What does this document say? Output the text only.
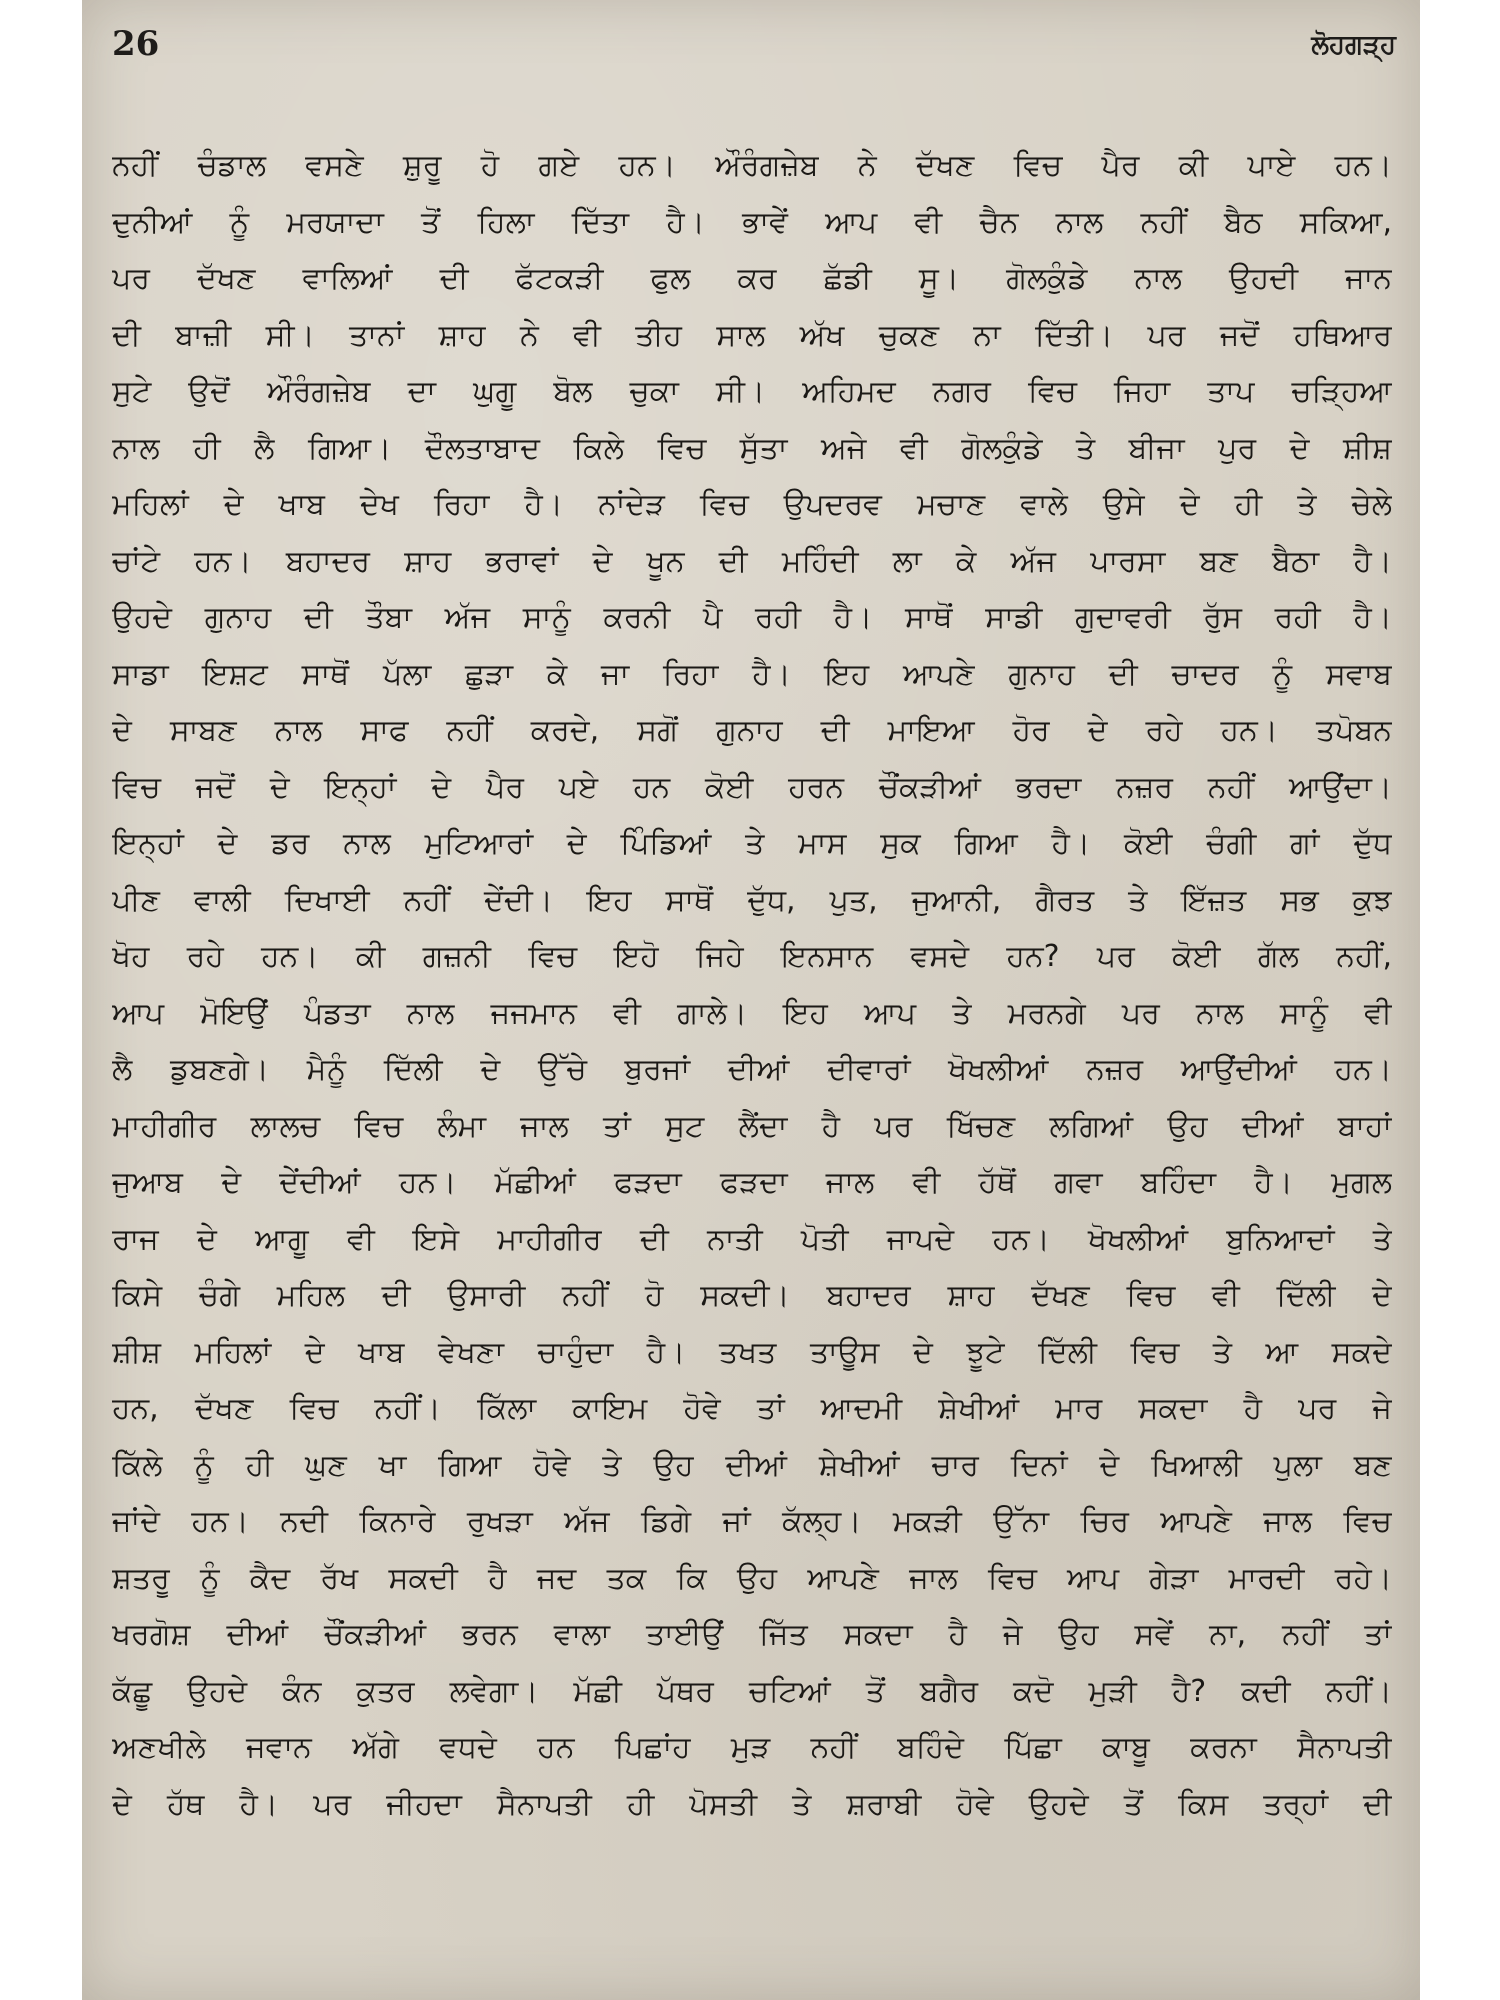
26	ਲੋਹਗੜ੍ਹ
ਨਹੀਂ ਚੰਡਾਲ ਵਸਣੇ ਸ਼ੁਰੂ ਹੋ ਗਏ ਹਨ। ਔਰੰਗਜ਼ੇਬ ਨੇ ਦੱਖਣ ਵਿਚ ਪੈਰ ਕੀ ਪਾਏ ਹਨ।
ਦੁਨੀਆਂ ਨੂੰ ਮਰਯਾਦਾ ਤੋਂ ਹਿਲਾ ਦਿੱਤਾ ਹੈ। ਭਾਵੇਂ ਆਪ ਵੀ ਚੈਨ ਨਾਲ ਨਹੀਂ ਬੈਠ ਸਕਿਆ,
ਪਰ ਦੱਖਣ ਵਾਲਿਆਂ ਦੀ ਫੱਟਕੜੀ ਫੁਲ ਕਰ ਛੱਡੀ ਸੂ। ਗੋਲਕੁੰਡੇ ਨਾਲ ਉਹਦੀ ਜਾਨ
ਦੀ ਬਾਜ਼ੀ ਸੀ। ਤਾਨਾਂ ਸ਼ਾਹ ਨੇ ਵੀ ਤੀਹ ਸਾਲ ਅੱਖ ਚੁਕਣ ਨਾ ਦਿੱਤੀ। ਪਰ ਜਦੋਂ ਹਥਿਆਰ
ਸੁਟੇ ਉਦੋਂ ਔਰੰਗਜ਼ੇਬ ਦਾ ਘੁਗੂ ਬੋਲ ਚੁਕਾ ਸੀ। ਅਹਿਮਦ ਨਗਰ ਵਿਚ ਜਿਹਾ ਤਾਪ ਚੜ੍ਹਿਆ
ਨਾਲ ਹੀ ਲੈ ਗਿਆ। ਦੌਲਤਾਬਾਦ ਕਿਲੇ ਵਿਚ ਸੁੱਤਾ ਅਜੇ ਵੀ ਗੋਲਕੁੰਡੇ ਤੇ ਬੀਜਾ ਪੁਰ ਦੇ ਸ਼ੀਸ਼
ਮਹਿਲਾਂ ਦੇ ਖਾਬ ਦੇਖ ਰਿਹਾ ਹੈ। ਨਾਂਦੇੜ ਵਿਚ ਉਪਦਰਵ ਮਚਾਣ ਵਾਲੇ ਉਸੇ ਦੇ ਹੀ ਤੇ ਚੇਲੇ
ਚਾਂਟੇ ਹਨ। ਬਹਾਦਰ ਸ਼ਾਹ ਭਰਾਵਾਂ ਦੇ ਖੂਨ ਦੀ ਮਹਿੰਦੀ ਲਾ ਕੇ ਅੱਜ ਪਾਰਸਾ ਬਣ ਬੈਠਾ ਹੈ।
ਉਹਦੇ ਗੁਨਾਹ ਦੀ ਤੌਬਾ ਅੱਜ ਸਾਨੂੰ ਕਰਨੀ ਪੈ ਰਹੀ ਹੈ। ਸਾਥੋਂ ਸਾਡੀ ਗੁਦਾਵਰੀ ਰੁੱਸ ਰਹੀ ਹੈ।
ਸਾਡਾ ਇਸ਼ਟ ਸਾਥੋਂ ਪੱਲਾ ਛੁੜਾ ਕੇ ਜਾ ਰਿਹਾ ਹੈ। ਇਹ ਆਪਣੇ ਗੁਨਾਹ ਦੀ ਚਾਦਰ ਨੂੰ ਸਵਾਬ
ਦੇ ਸਾਬਣ ਨਾਲ ਸਾਫ ਨਹੀਂ ਕਰਦੇ, ਸਗੋਂ ਗੁਨਾਹ ਦੀ ਮਾਇਆ ਹੋਰ ਦੇ ਰਹੇ ਹਨ। ਤਪੋਬਨ
ਵਿਚ ਜਦੋਂ ਦੇ ਇਨ੍ਹਾਂ ਦੇ ਪੈਰ ਪਏ ਹਨ ਕੋਈ ਹਰਨ ਚੌਂਕੜੀਆਂ ਭਰਦਾ ਨਜ਼ਰ ਨਹੀਂ ਆਉਂਦਾ।
ਇਨ੍ਹਾਂ ਦੇ ਡਰ ਨਾਲ ਮੁਟਿਆਰਾਂ ਦੇ ਪਿੰਡਿਆਂ ਤੇ ਮਾਸ ਸੁਕ ਗਿਆ ਹੈ। ਕੋਈ ਚੰਗੀ ਗਾਂ ਦੁੱਧ
ਪੀਣ ਵਾਲੀ ਦਿਖਾਈ ਨਹੀਂ ਦੇਂਦੀ। ਇਹ ਸਾਥੋਂ ਦੁੱਧ, ਪੁਤ, ਜੁਆਨੀ, ਗੈਰਤ ਤੇ ਇੱਜ਼ਤ ਸਭ ਕੁਝ
ਖੋਹ ਰਹੇ ਹਨ। ਕੀ ਗਜ਼ਨੀ ਵਿਚ ਇਹੋ ਜਿਹੇ ਇਨਸਾਨ ਵਸਦੇ ਹਨ? ਪਰ ਕੋਈ ਗੱਲ ਨਹੀਂ,
ਆਪ ਮੋਇਉਂ ਪੰਡਤਾ ਨਾਲ ਜਜਮਾਨ ਵੀ ਗਾਲੇ। ਇਹ ਆਪ ਤੇ ਮਰਨਗੇ ਪਰ ਨਾਲ ਸਾਨੂੰ ਵੀ
ਲੈ ਡੁਬਣਗੇ। ਮੈਨੂੰ ਦਿੱਲੀ ਦੇ ਉੱਚੇ ਬੁਰਜਾਂ ਦੀਆਂ ਦੀਵਾਰਾਂ ਖੋਖਲੀਆਂ ਨਜ਼ਰ ਆਉਂਦੀਆਂ ਹਨ।
ਮਾਹੀਗੀਰ ਲਾਲਚ ਵਿਚ ਲੰਮਾ ਜਾਲ ਤਾਂ ਸੁਟ ਲੈਂਦਾ ਹੈ ਪਰ ਖਿੱਚਣ ਲਗਿਆਂ ਉਹ ਦੀਆਂ ਬਾਹਾਂ
ਜੁਆਬ ਦੇ ਦੇਂਦੀਆਂ ਹਨ। ਮੱਛੀਆਂ ਫੜਦਾ ਫੜਦਾ ਜਾਲ ਵੀ ਹੱਥੋਂ ਗਵਾ ਬਹਿੰਦਾ ਹੈ। ਮੁਗਲ
ਰਾਜ ਦੇ ਆਗੂ ਵੀ ਇਸੇ ਮਾਹੀਗੀਰ ਦੀ ਨਾਤੀ ਪੋਤੀ ਜਾਪਦੇ ਹਨ। ਖੋਖਲੀਆਂ ਬੁਨਿਆਦਾਂ ਤੇ
ਕਿਸੇ ਚੰਗੇ ਮਹਿਲ ਦੀ ਉਸਾਰੀ ਨਹੀਂ ਹੋ ਸਕਦੀ। ਬਹਾਦਰ ਸ਼ਾਹ ਦੱਖਣ ਵਿਚ ਵੀ ਦਿੱਲੀ ਦੇ
ਸ਼ੀਸ਼ ਮਹਿਲਾਂ ਦੇ ਖਾਬ ਵੇਖਣਾ ਚਾਹੁੰਦਾ ਹੈ। ਤਖਤ ਤਾਊਸ ਦੇ ਝੂਟੇ ਦਿੱਲੀ ਵਿਚ ਤੇ ਆ ਸਕਦੇ
ਹਨ, ਦੱਖਣ ਵਿਚ ਨਹੀਂ। ਕਿੱਲਾ ਕਾਇਮ ਹੋਵੇ ਤਾਂ ਆਦਮੀ ਸ਼ੇਖੀਆਂ ਮਾਰ ਸਕਦਾ ਹੈ ਪਰ ਜੇ
ਕਿੱਲੇ ਨੂੰ ਹੀ ਘੁਣ ਖਾ ਗਿਆ ਹੋਵੇ ਤੇ ਉਹ ਦੀਆਂ ਸ਼ੇਖੀਆਂ ਚਾਰ ਦਿਨਾਂ ਦੇ ਖਿਆਲੀ ਪੁਲਾ ਬਣ
ਜਾਂਦੇ ਹਨ। ਨਦੀ ਕਿਨਾਰੇ ਰੁਖੜਾ ਅੱਜ ਡਿਗੇ ਜਾਂ ਕੱਲ੍ਹ। ਮਕੜੀ ਉੱਨਾ ਚਿਰ ਆਪਣੇ ਜਾਲ ਵਿਚ
ਸ਼ਤਰੂ ਨੂੰ ਕੈਦ ਰੱਖ ਸਕਦੀ ਹੈ ਜਦ ਤਕ ਕਿ ਉਹ ਆਪਣੇ ਜਾਲ ਵਿਚ ਆਪ ਗੇੜਾ ਮਾਰਦੀ ਰਹੇ।
ਖਰਗੋਸ਼ ਦੀਆਂ ਚੌਂਕੜੀਆਂ ਭਰਨ ਵਾਲਾ ਤਾਈਉਂ ਜਿੱਤ ਸਕਦਾ ਹੈ ਜੇ ਉਹ ਸਵੇਂ ਨਾ, ਨਹੀਂ ਤਾਂ
ਕੱਛੂ ਉਹਦੇ ਕੰਨ ਕੁਤਰ ਲਵੇਗਾ। ਮੱਛੀ ਪੱਥਰ ਚਟਿਆਂ ਤੋਂ ਬਗੈਰ ਕਦੋ ਮੁੜੀ ਹੈ? ਕਦੀ ਨਹੀਂ।
ਅਣਖੀਲੇ ਜਵਾਨ ਅੱਗੇ ਵਧਦੇ ਹਨ ਪਿਛਾਂਹ ਮੁੜ ਨਹੀਂ ਬਹਿੰਦੇ ਪਿੱਛਾ ਕਾਬੂ ਕਰਨਾ ਸੈਨਾਪਤੀ
ਦੇ ਹੱਥ ਹੈ। ਪਰ ਜੀਹਦਾ ਸੈਨਾਪਤੀ ਹੀ ਪੋਸਤੀ ਤੇ ਸ਼ਰਾਬੀ ਹੋਵੇ ਉਹਦੇ ਤੋਂ ਕਿਸ ਤਰ੍ਹਾਂ ਦੀ
